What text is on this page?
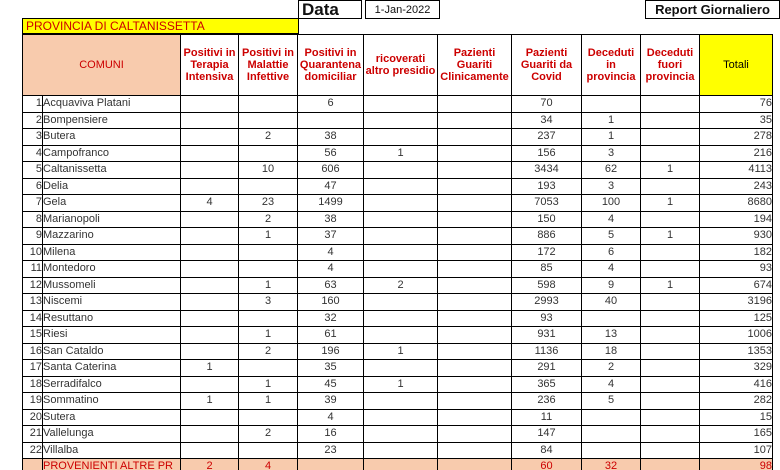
Data	1-Jan-2022	Report Giornaliero
PROVINCIA DI CALTANISSETTA
COMUNI		Positivi in Terapia Intensiva	Positivi in Malattie Infettive	Positivi in Quarantena domiciliar	ricoverati altro presidio	Pazienti Guariti Clinicamente	Pazienti Guariti da Covid	Deceduti in provincia	Deceduti fuori provincia	Totali
1	Acquaviva Platani			6			70			76
2	Bompensiere						34	1		35
3	Butera		2	38			237	1		278
4	Campofranco			56	1		156	3		216
5	Caltanissetta		10	606			3434	62	1	4113
6	Delia			47			193	3		243
7	Gela	4	23	1499			7053	100	1	8680
8	Marianopoli		2	38			150	4		194
9	Mazzarino		1	37			886	5	1	930
10	Milena			4			172	6		182
11	Montedoro			4			85	4		93
12	Mussomeli		1	63	2		598	9	1	674
13	Niscemi		3	160			2993	40		3196
14	Resuttano			32			93			125
15	Riesi		1	61			931	13		1006
16	San Cataldo		2	196	1		1136	18		1353
17	Santa Caterina	1		35			291	2		329
18	Serradifalco		1	45	1		365	4		416
19	Sommatino	1	1	39			236	5		282
20	Sutera			4			11			15
21	Vallelunga		2	16			147			165
22	Villalba			23			84			107
	PROVENIENTI ALTRE PR	2	4				60	32		98
